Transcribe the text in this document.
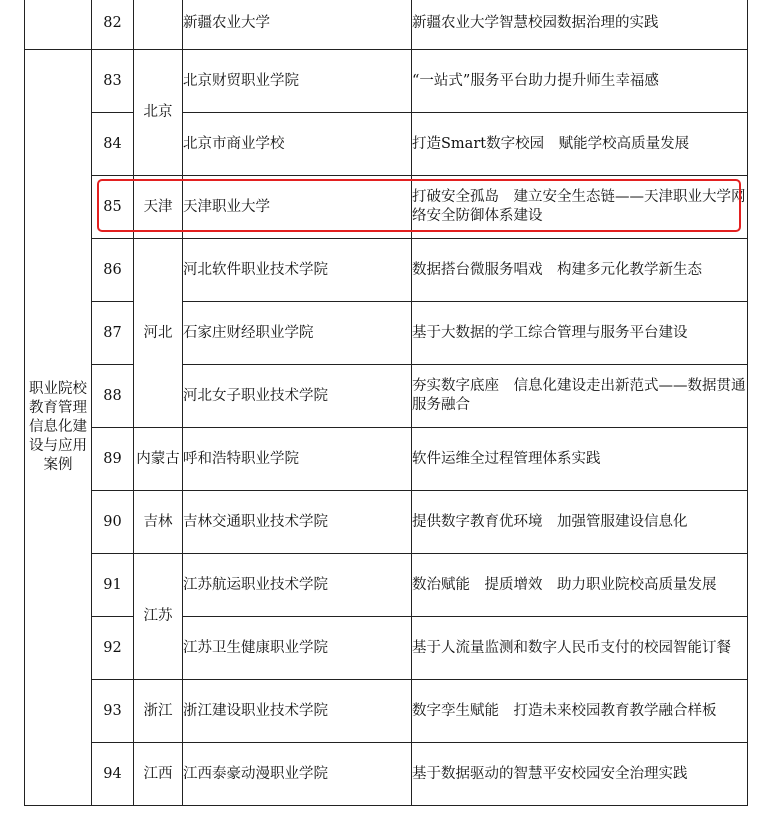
	82		新疆农业大学	新疆农业大学智慧校园数据治理的实践
职业院校教育管理信息化建设与应用案例	83	北京	北京财贸职业学院	“一站式”服务平台助力提升师生幸福感
	84		北京市商业学校	打造Smart数字校园　赋能学校高质量发展
	85	天津	天津职业大学	打破安全孤岛　建立安全生态链——天津职业大学网络安全防御体系建设
	86	河北	河北软件职业技术学院	数据搭台微服务唱戏　构建多元化教学新生态
	87		石家庄财经职业学院	基于大数据的学工综合管理与服务平台建设
	88		河北女子职业技术学院	夯实数字底座　信息化建设走出新范式——数据贯通　服务融合
	89	内蒙古	呼和浩特职业学院	软件运维全过程管理体系实践
	90	吉林	吉林交通职业技术学院	提供数字教育优环境　加强管服建设信息化
	91	江苏	江苏航运职业技术学院	数治赋能　提质增效　助力职业院校高质量发展
	92		江苏卫生健康职业学院	基于人流量监测和数字人民币支付的校园智能订餐
	93	浙江	浙江建设职业技术学院	数字孪生赋能　打造未来校园教育教学融合样板
	94	江西	江西泰豪动漫职业学院	基于数据驱动的智慧平安校园安全治理实践
